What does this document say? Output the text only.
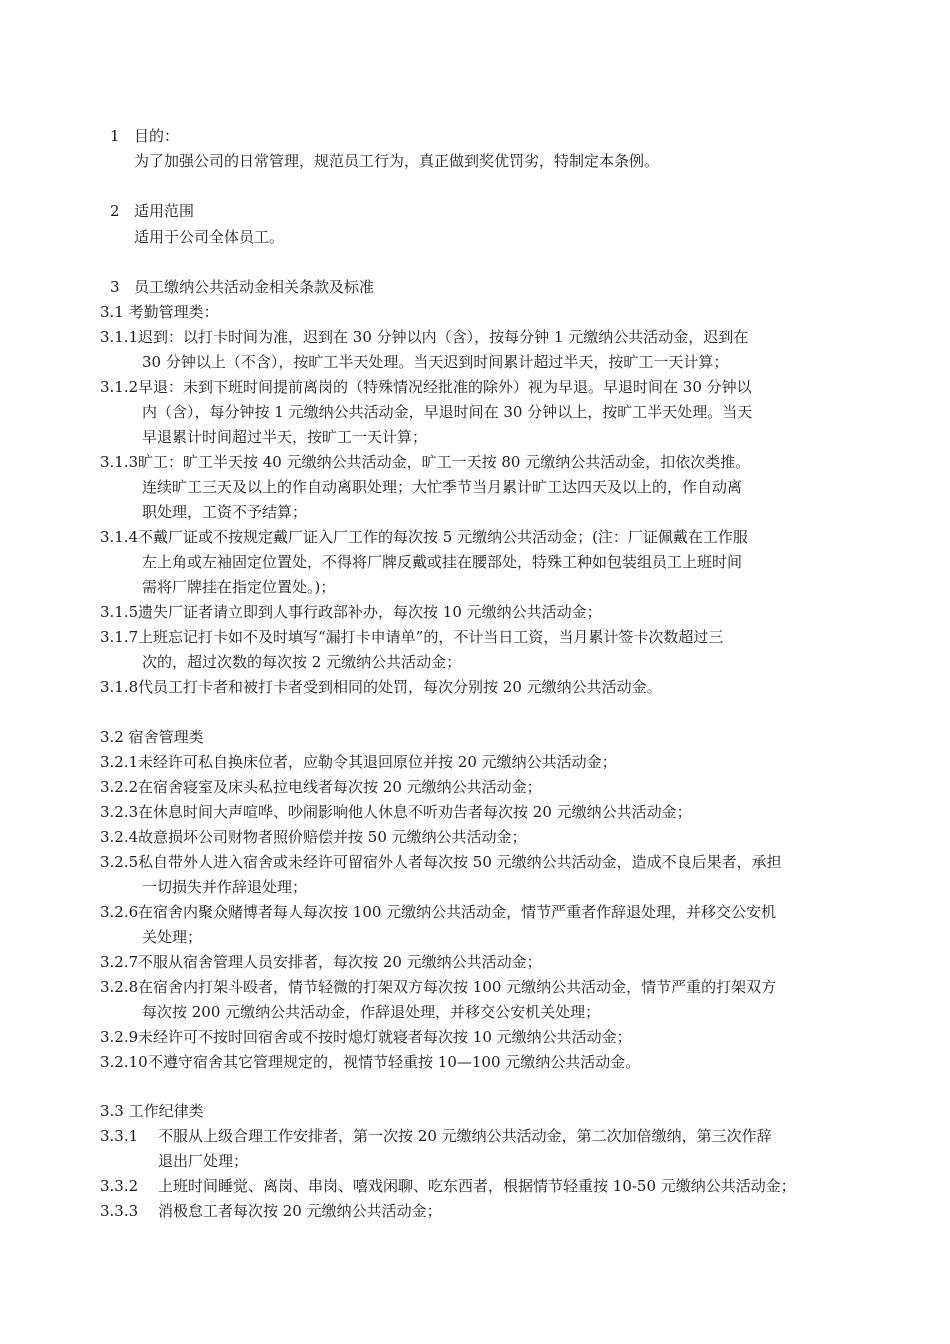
1 目的：
为了加强公司的日常管理，规范员工行为，真正做到奖优罚劣，特制定本条例。
2 适用范围
适用于公司全体员工。
3 员工缴纳公共活动金相关条款及标准
3.1 考勤管理类：
3.1.1 迟到：以打卡时间为准，迟到在 30 分钟以内（含），按每分钟 1 元缴纳公共活动金，迟到在
30 分钟以上（不含），按旷工半天处理。当天迟到时间累计超过半天，按旷工一天计算；
3.1.2 早退：未到下班时间提前离岗的（特殊情况经批准的除外）视为早退。早退时间在 30 分钟以
内（含），每分钟按 1 元缴纳公共活动金，早退时间在 30 分钟以上，按旷工半天处理。当天
早退累计时间超过半天，按旷工一天计算；
3.1.3 旷工：旷工半天按 40 元缴纳公共活动金，旷工一天按 80 元缴纳公共活动金，扣依次类推。
连续旷工三天及以上的作自动离职处理；大忙季节当月累计旷工达四天及以上的，作自动离
职处理，工资不予结算；
3.1.4 不戴厂证或不按规定戴厂证入厂工作的每次按 5 元缴纳公共活动金；(注：厂证佩戴在工作服
左上角或左袖固定位置处，不得将厂牌反戴或挂在腰部处，特殊工种如包装组员工上班时间
需将厂牌挂在指定位置处。)；
3.1.5 遗失厂证者请立即到人事行政部补办，每次按 10 元缴纳公共活动金；
3.1.7 上班忘记打卡如不及时填写“漏打卡申请单”的，不计当日工资，当月累计签卡次数超过三
次的，超过次数的每次按 2 元缴纳公共活动金；
3.1.8 代员工打卡者和被打卡者受到相同的处罚，每次分别按 20 元缴纳公共活动金。
3.2 宿舍管理类
3.2.1 未经许可私自换床位者，应勒令其退回原位并按 20 元缴纳公共活动金；
3.2.2 在宿舍寝室及床头私拉电线者每次按 20 元缴纳公共活动金；
3.2.3 在休息时间大声喧哗、吵闹影响他人休息不听劝告者每次按 20 元缴纳公共活动金；
3.2.4 故意损坏公司财物者照价赔偿并按 50 元缴纳公共活动金；
3.2.5 私自带外人进入宿舍或未经许可留宿外人者每次按 50 元缴纳公共活动金，造成不良后果者，承担
一切损失并作辞退处理；
3.2.6 在宿舍内聚众赌博者每人每次按 100 元缴纳公共活动金，情节严重者作辞退处理，并移交公安机
关处理；
3.2.7 不服从宿舍管理人员安排者，每次按 20 元缴纳公共活动金；
3.2.8 在宿舍内打架斗殴者，情节轻微的打架双方每次按 100 元缴纳公共活动金，情节严重的打架双方
每次按 200 元缴纳公共活动金，作辞退处理，并移交公安机关处理；
3.2.9 未经许可不按时回宿舍或不按时熄灯就寝者每次按 10 元缴纳公共活动金；
3.2.10 不遵守宿舍其它管理规定的，视情节轻重按 10—100 元缴纳公共活动金。
3.3 工作纪律类
3.3.1 不服从上级合理工作安排者，第一次按 20 元缴纳公共活动金，第二次加倍缴纳，第三次作辞
退出厂处理；
3.3.2 上班时间睡觉、离岗、串岗、嘻戏闲聊、吃东西者，根据情节轻重按 10-50 元缴纳公共活动金；
3.3.3 消极怠工者每次按 20 元缴纳公共活动金；
